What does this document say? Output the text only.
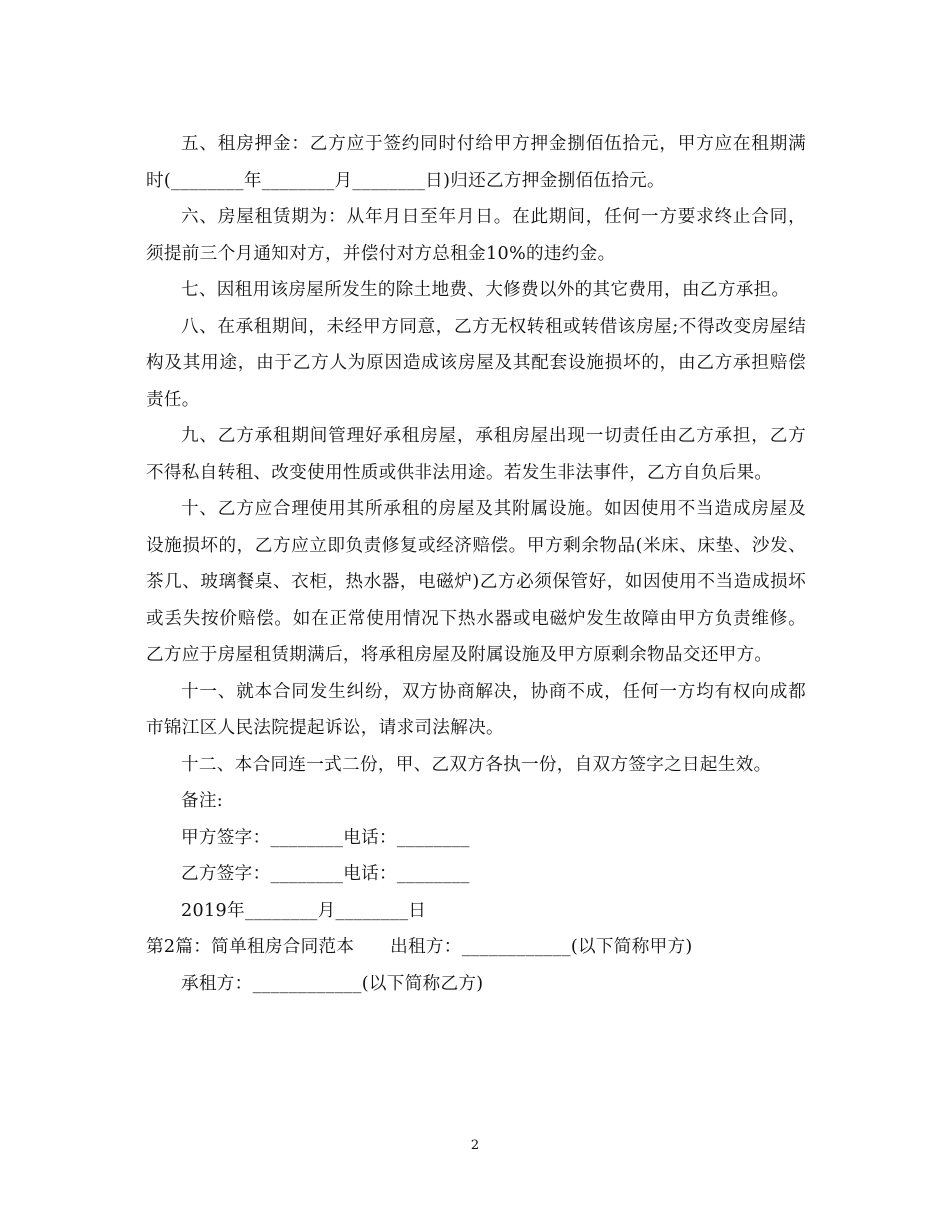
五、租房押金：乙方应于签约同时付给甲方押金捌佰伍拾元，甲方应在租期满时(________年________月________日)归还乙方押金捌佰伍拾元。

六、房屋租赁期为：从年月日至年月日。在此期间，任何一方要求终止合同，须提前三个月通知对方，并偿付对方总租金10%的违约金。

七、因租用该房屋所发生的除土地费、大修费以外的其它费用，由乙方承担。

八、在承租期间，未经甲方同意，乙方无权转租或转借该房屋;不得改变房屋结构及其用途，由于乙方人为原因造成该房屋及其配套设施损坏的，由乙方承担赔偿责任。

九、乙方承租期间管理好承租房屋，承租房屋出现一切责任由乙方承担，乙方不得私自转租、改变使用性质或供非法用途。若发生非法事件，乙方自负后果。

十、乙方应合理使用其所承租的房屋及其附属设施。如因使用不当造成房屋及设施损坏的，乙方应立即负责修复或经济赔偿。甲方剩余物品(米床、床垫、沙发、茶几、玻璃餐桌、衣柜，热水器，电磁炉)乙方必须保管好，如因使用不当造成损坏或丢失按价赔偿。如在正常使用情况下热水器或电磁炉发生故障由甲方负责维修。乙方应于房屋租赁期满后，将承租房屋及附属设施及甲方原剩余物品交还甲方。

十一、就本合同发生纠纷，双方协商解决，协商不成，任何一方均有权向成都市锦江区人民法院提起诉讼，请求司法解决。

十二、本合同连一式二份，甲、乙双方各执一份，自双方签字之日起生效。

备注:

甲方签字：________电话：________

乙方签字：________电话：________

2019年________月________日

第2篇：简单租房合同范本　　出租方：____________(以下简称甲方)

承租方：____________(以下简称乙方)

2
